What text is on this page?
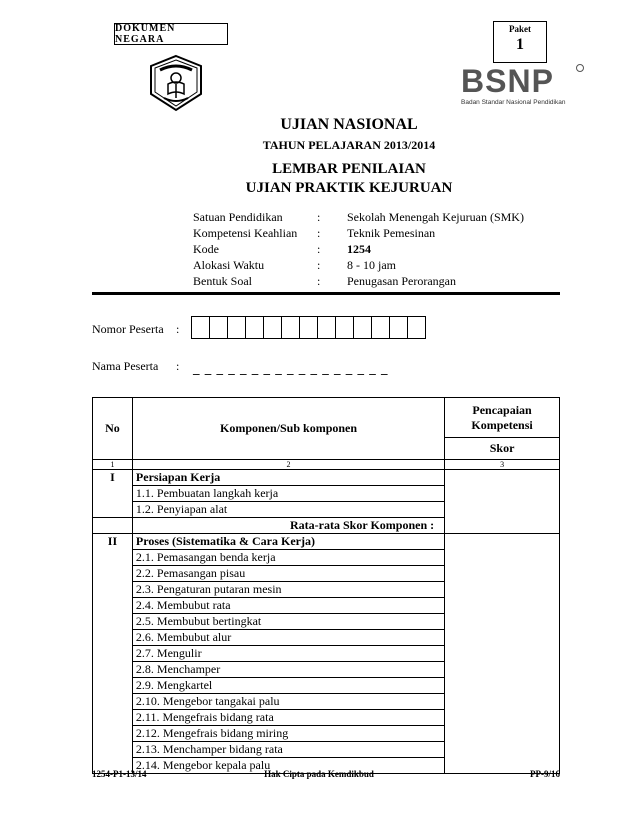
DOKUMEN NEGARA
Paket
1
BSNP
Badan Standar Nasional Pendidikan
UJIAN NASIONAL
TAHUN PELAJARAN 2013/2014
LEMBAR PENILAIAN
UJIAN PRAKTIK KEJURUAN
Satuan Pendidikan	:	Sekolah Menengah Kejuruan (SMK)
Kompetensi Keahlian	:	Teknik Pemesinan
Kode	:	1254
Alokasi Waktu	:	8 - 10 jam
Bentuk Soal	:	Penugasan Perorangan
Nomor Peserta :
Nama Peserta : _ _ _ _ _ _ _ _ _ _ _ _ _ _ _ _ _
No	Komponen/Sub komponen	Pencapaian Kompetensi
		Skor
1	2	3
I	Persiapan Kerja	
	1.1. Pembuatan langkah kerja	
	1.2. Penyiapan alat	
	Rata-rata Skor Komponen :	
II	Proses (Sistematika & Cara Kerja)	
	2.1. Pemasangan benda kerja	
	2.2. Pemasangan pisau	
	2.3. Pengaturan putaran mesin	
	2.4. Membubut rata	
	2.5. Membubut bertingkat	
	2.6. Membubut alur	
	2.7. Mengulir	
	2.8. Menchamper	
	2.9. Mengkartel	
	2.10. Mengebor tangakai palu	
	2.11. Mengefrais bidang rata	
	2.12. Mengefrais bidang miring	
	2.13. Menchamper bidang rata	
	2.14. Mengebor kepala palu	
1254-P1-13/14	Hak Cipta pada Kemdikbud	PP-9/16
